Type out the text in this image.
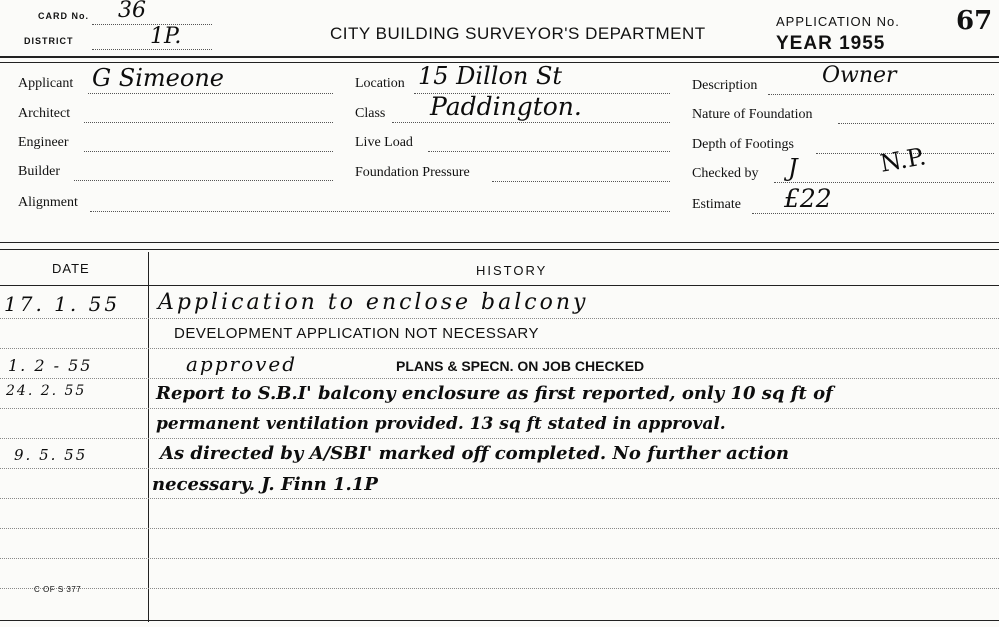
CARD No. 36
DISTRICT	1P.	CITY BUILDING SURVEYOR'S DEPARTMENT
APPLICATION No. 67
YEAR 1955
Applicant G Simeone
Architect
Engineer
Builder
Alignment
Location 15 Dillon St
Class Paddington.
Live Load
Foundation Pressure
Description	Owner
Nature of Foundation
Depth of Footings
Checked by J	N.P.
Estimate £22
DATE	HISTORY
17. 1. 55 Application to enclose balcony
DEVELOPMENT APPLICATION NOT NECESSARY
1. 2 - 55	approved	PLANS & SPECN. ON JOB CHECKED
24. 2. 55	Report to S.B.I' balcony enclosure as first reported, only 10 sq ft of
permanent ventilation provided. 13 sq ft stated in approval.
9. 5. 55	As directed by A/SBI' marked off completed. No further action
necessary. J. Finn 1.1P
C OF S 377
